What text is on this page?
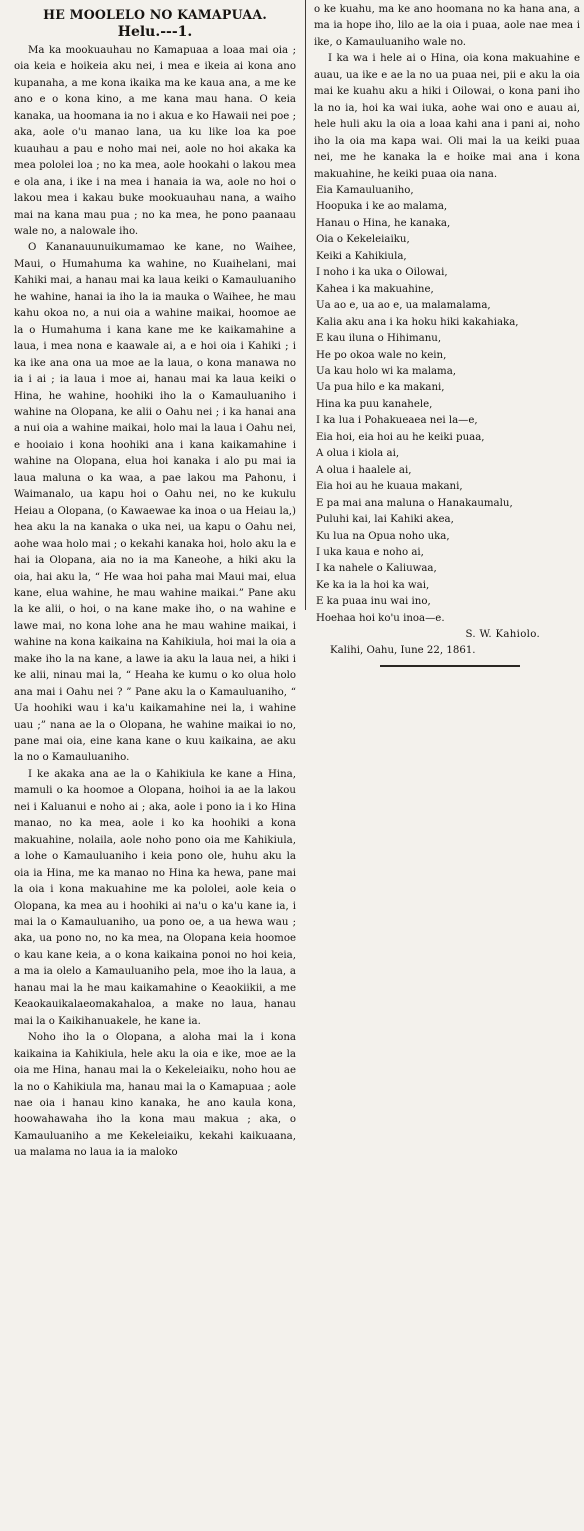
HE MOOLELO NO KAMAPUAA.
Helu.---1.

Ma ka mookuauhau no Kamapuaa a loaa mai oia ; oia keia e hoikeia aku nei, i mea e ikeia ai kona ano kupanaha, a me kona ikaika ma ke kaua ana, a me ke ano e o kona kino, a me kana mau hana. O keia kanaka, ua hoomana ia no i akua e ko Hawaii nei poe ; aka, aole o'u manao lana, ua ku like loa ka poe kuauhau a pau e noho mai nei, aole no hoi akaka ka mea pololei loa ; no ka mea, aole hookahi o lakou mea e ola ana, i ike i na mea i hanaia ia wa, aole no hoi o lakou mea i kakau buke mookuauhau nana, a waiho mai na kana mau pua ; no ka mea, he pono paanaau wale no, a nalowale iho.

O Kananauunuikumamao ke kane, no Waihee, Maui, o Humahuma ka wahine, no Kuaihelani, mai Kahiki mai, a hanau mai ka laua keiki o Kamauluaniho he wahine, hanai ia iho la ia mauka o Waihee, he mau kahu okoa no, a nui oia a wahine maikai, hoomoe ae la o Humahuma i kana kane me ke kaikamahine a laua, i mea nona e kaawale ai, a e hoi oia i Kahiki ; i ka ike ana ona ua moe ae la laua, o kona manawa no ia i ai ; ia laua i moe ai, hanau mai ka laua keiki o Hina, he wahine, hoohiki iho la o Kamauluaniho i wahine na Olopana, ke alii o Oahu nei ; i ka hanai ana a nui oia a wahine maikai, holo mai la laua i Oahu nei, e hooiaio i kona hoohiki ana i kana kaikamahine i wahine na Olopana, elua hoi kanaka i alo pu mai ia laua maluna o ka waa, a pae lakou ma Pahonu, i Waimanalo, ua kapu hoi o Oahu nei, no ke kukulu Heiau a Olopana, (o Kawaewae ka inoa o ua Heiau la,) hea aku la na kanaka o uka nei, ua kapu o Oahu nei, aohe waa holo mai ; o kekahi kanaka hoi, holo aku la e hai ia Olopana, aia no ia ma Kaneohe, a hiki aku la oia, hai aku la, “ He waa hoi paha mai Maui mai, elua kane, elua wahine, he mau wahine maikai.” Pane aku la ke alii, o hoi, o na kane make iho, o na wahine e lawe mai, no kona lohe ana he mau wahine maikai, i wahine na kona kaikaina na Kahikiula, hoi mai la oia a make iho la na kane, a lawe ia aku la laua nei, a hiki i ke alii, ninau mai la, “ Heaha ke kumu o ko olua holo ana mai i Oahu nei ? ” Pane aku la o Kamauluaniho, “ Ua hoohiki wau i ka'u kaikamahine nei la, i wahine uau ;” nana ae la o Olopana, he wahine maikai io no, pane mai oia, eine kana kane o kuu kaikaina, ae aku la no o Kamauluaniho.

I ke akaka ana ae la o Kahikiula ke kane a Hina, mamuli o ka hoomoe a Olopana, hoihoi ia ae la lakou nei i Kaluanui e noho ai ; aka, aole i pono ia i ko Hina manao, no ka mea, aole i ko ka hoohiki a kona makuahine, nolaila, aole noho pono oia me Kahikiula, a lohe o Kamauluaniho i keia pono ole, huhu aku la oia ia Hina, me ka manao no Hina ka hewa, pane mai la oia i kona makuahine me ka pololei, aole keia o Olopana, ka mea au i hoohiki ai na'u o ka'u kane ia, i mai la o Kamauluaniho, ua pono oe, a ua hewa wau ; aka, ua pono no, no ka mea, na Olopana keia hoomoe o kau kane keia, a o kona kaikaina ponoi no hoi keia, a ma ia olelo a Kamauluaniho pela, moe iho la laua, a hanau mai la he mau kaikamahine o Keaokiikii, a me Keaokauikalaeomakahaloa, a make no laua, hanau mai la o Kaikihanuakele, he kane ia.

Noho iho la o Olopana, a aloha mai la i kona kaikaina ia Kahikiula, hele aku la oia e ike, moe ae la oia me Hina, hanau mai la o Kekeleiaiku, noho hou ae la no o Kahikiula ma, hanau mai la o Kamapuaa ; aole nae oia i hanau kino kanaka, he ano kaula kona, hoowahawaha iho la kona mau makua ; aka, o Kamauluaniho a me Kekeleiaiku, kekahi kaikuaana, ua malama no laua ia ia maloko

o ke kuahu, ma ke ano hoomana no ka hana ana, a ma ia hope iho, lilo ae la oia i puaa, aole nae mea i ike, o Kamauluaniho wale no.

I ka wa i hele ai o Hina, oia kona makuahine e auau, ua ike e ae la no ua puaa nei, pii e aku la oia mai ke kuahu aku a hiki i Oilowai, o kona pani iho la no ia, hoi ka wai iuka, aohe wai ono e auau ai, hele huli aku la oia a loaa kahi ana i pani ai, noho iho la oia ma kapa wai. Oli mai la ua keiki puaa nei, me he kanaka la e hoike mai ana i kona makuahine, he keiki puaa oia nana.

Eia Kamauluaniho,
Hoopuka i ke ao malama,
Hanau o Hina, he kanaka,
Oia o Kekeleiaiku,
Keiki a Kahikiula,
I noho i ka uka o Oilowai,
Kahea i ka makuahine,
Ua ao e, ua ao e, ua malamalama,
Kalia aku ana i ka hoku hiki kakahiaka,
E kau iluna o Hihimanu,
He po okoa wale no kein,
Ua kau holo wi ka malama,
Ua pua hilo e ka makani,
Hina ka puu kanahele,
I ka lua i Pohakueaea nei la—e,
Eia hoi, eia hoi au he keiki puaa,
A olua i kiola ai,
A olua i haalele ai,
Eia hoi au he kuaua makani,
E pa mai ana maluna o Hanakaumalu,
Puluhi kai, lai Kahiki akea,
Ku lua na Opua noho uka,
I uka kaua e noho ai,
I ka nahele o Kaliuwaa,
Ke ka ia la hoi ka wai,
E ka puaa inu wai ino,
Hoehaa hoi ko'u inoa—e.
S. W. Kahiolo.
Kalihi, Oahu, Iune 22, 1861.
